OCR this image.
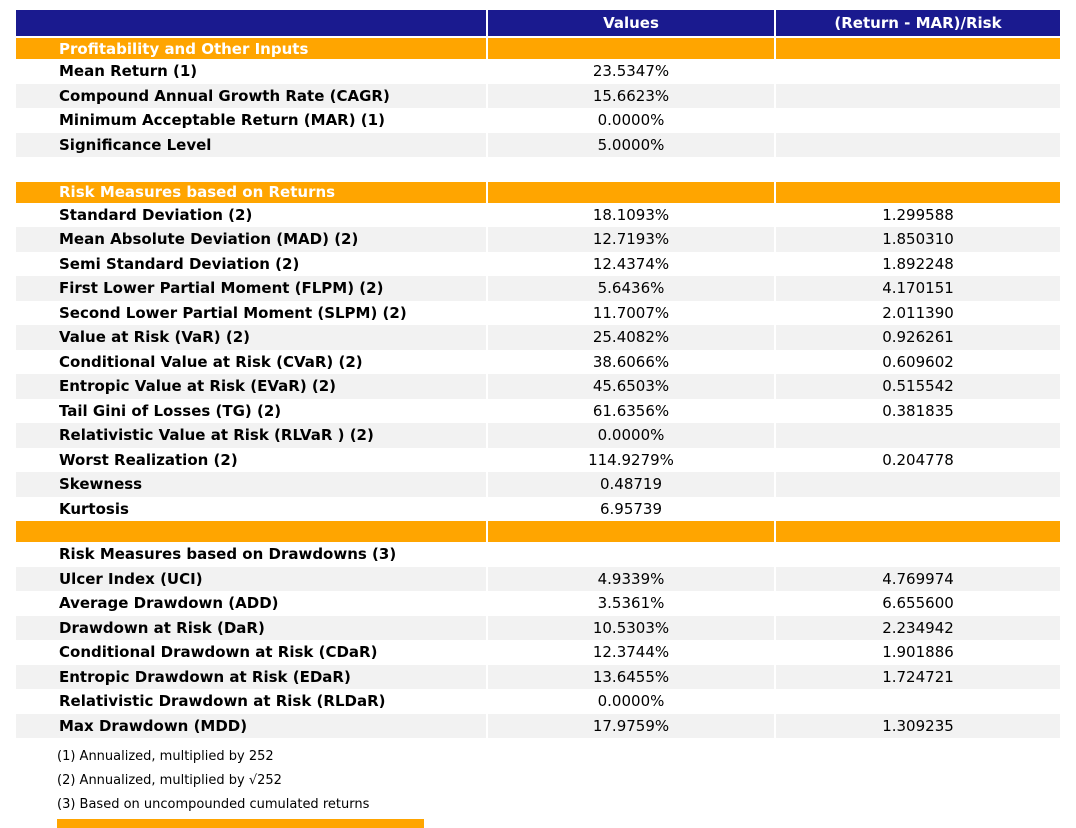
	Values	(Return - MAR)/Risk
Profitability and Other Inputs		
Mean Return (1)	23.5347%	
Compound Annual Growth Rate (CAGR)	15.6623%	
Minimum Acceptable Return (MAR) (1)	0.0000%	
Significance Level	5.0000%	

Risk Measures based on Returns		
Standard Deviation (2)	18.1093%	1.299588
Mean Absolute Deviation (MAD) (2)	12.7193%	1.850310
Semi Standard Deviation (2)	12.4374%	1.892248
First Lower Partial Moment (FLPM) (2)	5.6436%	4.170151
Second Lower Partial Moment (SLPM) (2)	11.7007%	2.011390
Value at Risk (VaR) (2)	25.4082%	0.926261
Conditional Value at Risk (CVaR) (2)	38.6066%	0.609602
Entropic Value at Risk (EVaR) (2)	45.6503%	0.515542
Tail Gini of Losses (TG) (2)	61.6356%	0.381835
Relativistic Value at Risk (RLVaR ) (2)	0.0000%	
Worst Realization (2)	114.9279%	0.204778
Skewness	0.48719	
Kurtosis	6.95739	

Risk Measures based on Drawdowns (3)		
Ulcer Index (UCI)	4.9339%	4.769974
Average Drawdown (ADD)	3.5361%	6.655600
Drawdown at Risk (DaR)	10.5303%	2.234942
Conditional Drawdown at Risk (CDaR)	12.3744%	1.901886
Entropic Drawdown at Risk (EDaR)	13.6455%	1.724721
Relativistic Drawdown at Risk (RLDaR)	0.0000%	
Max Drawdown (MDD)	17.9759%	1.309235
(1) Annualized, multiplied by 252
(2) Annualized, multiplied by √252
(3) Based on uncompounded cumulated returns
